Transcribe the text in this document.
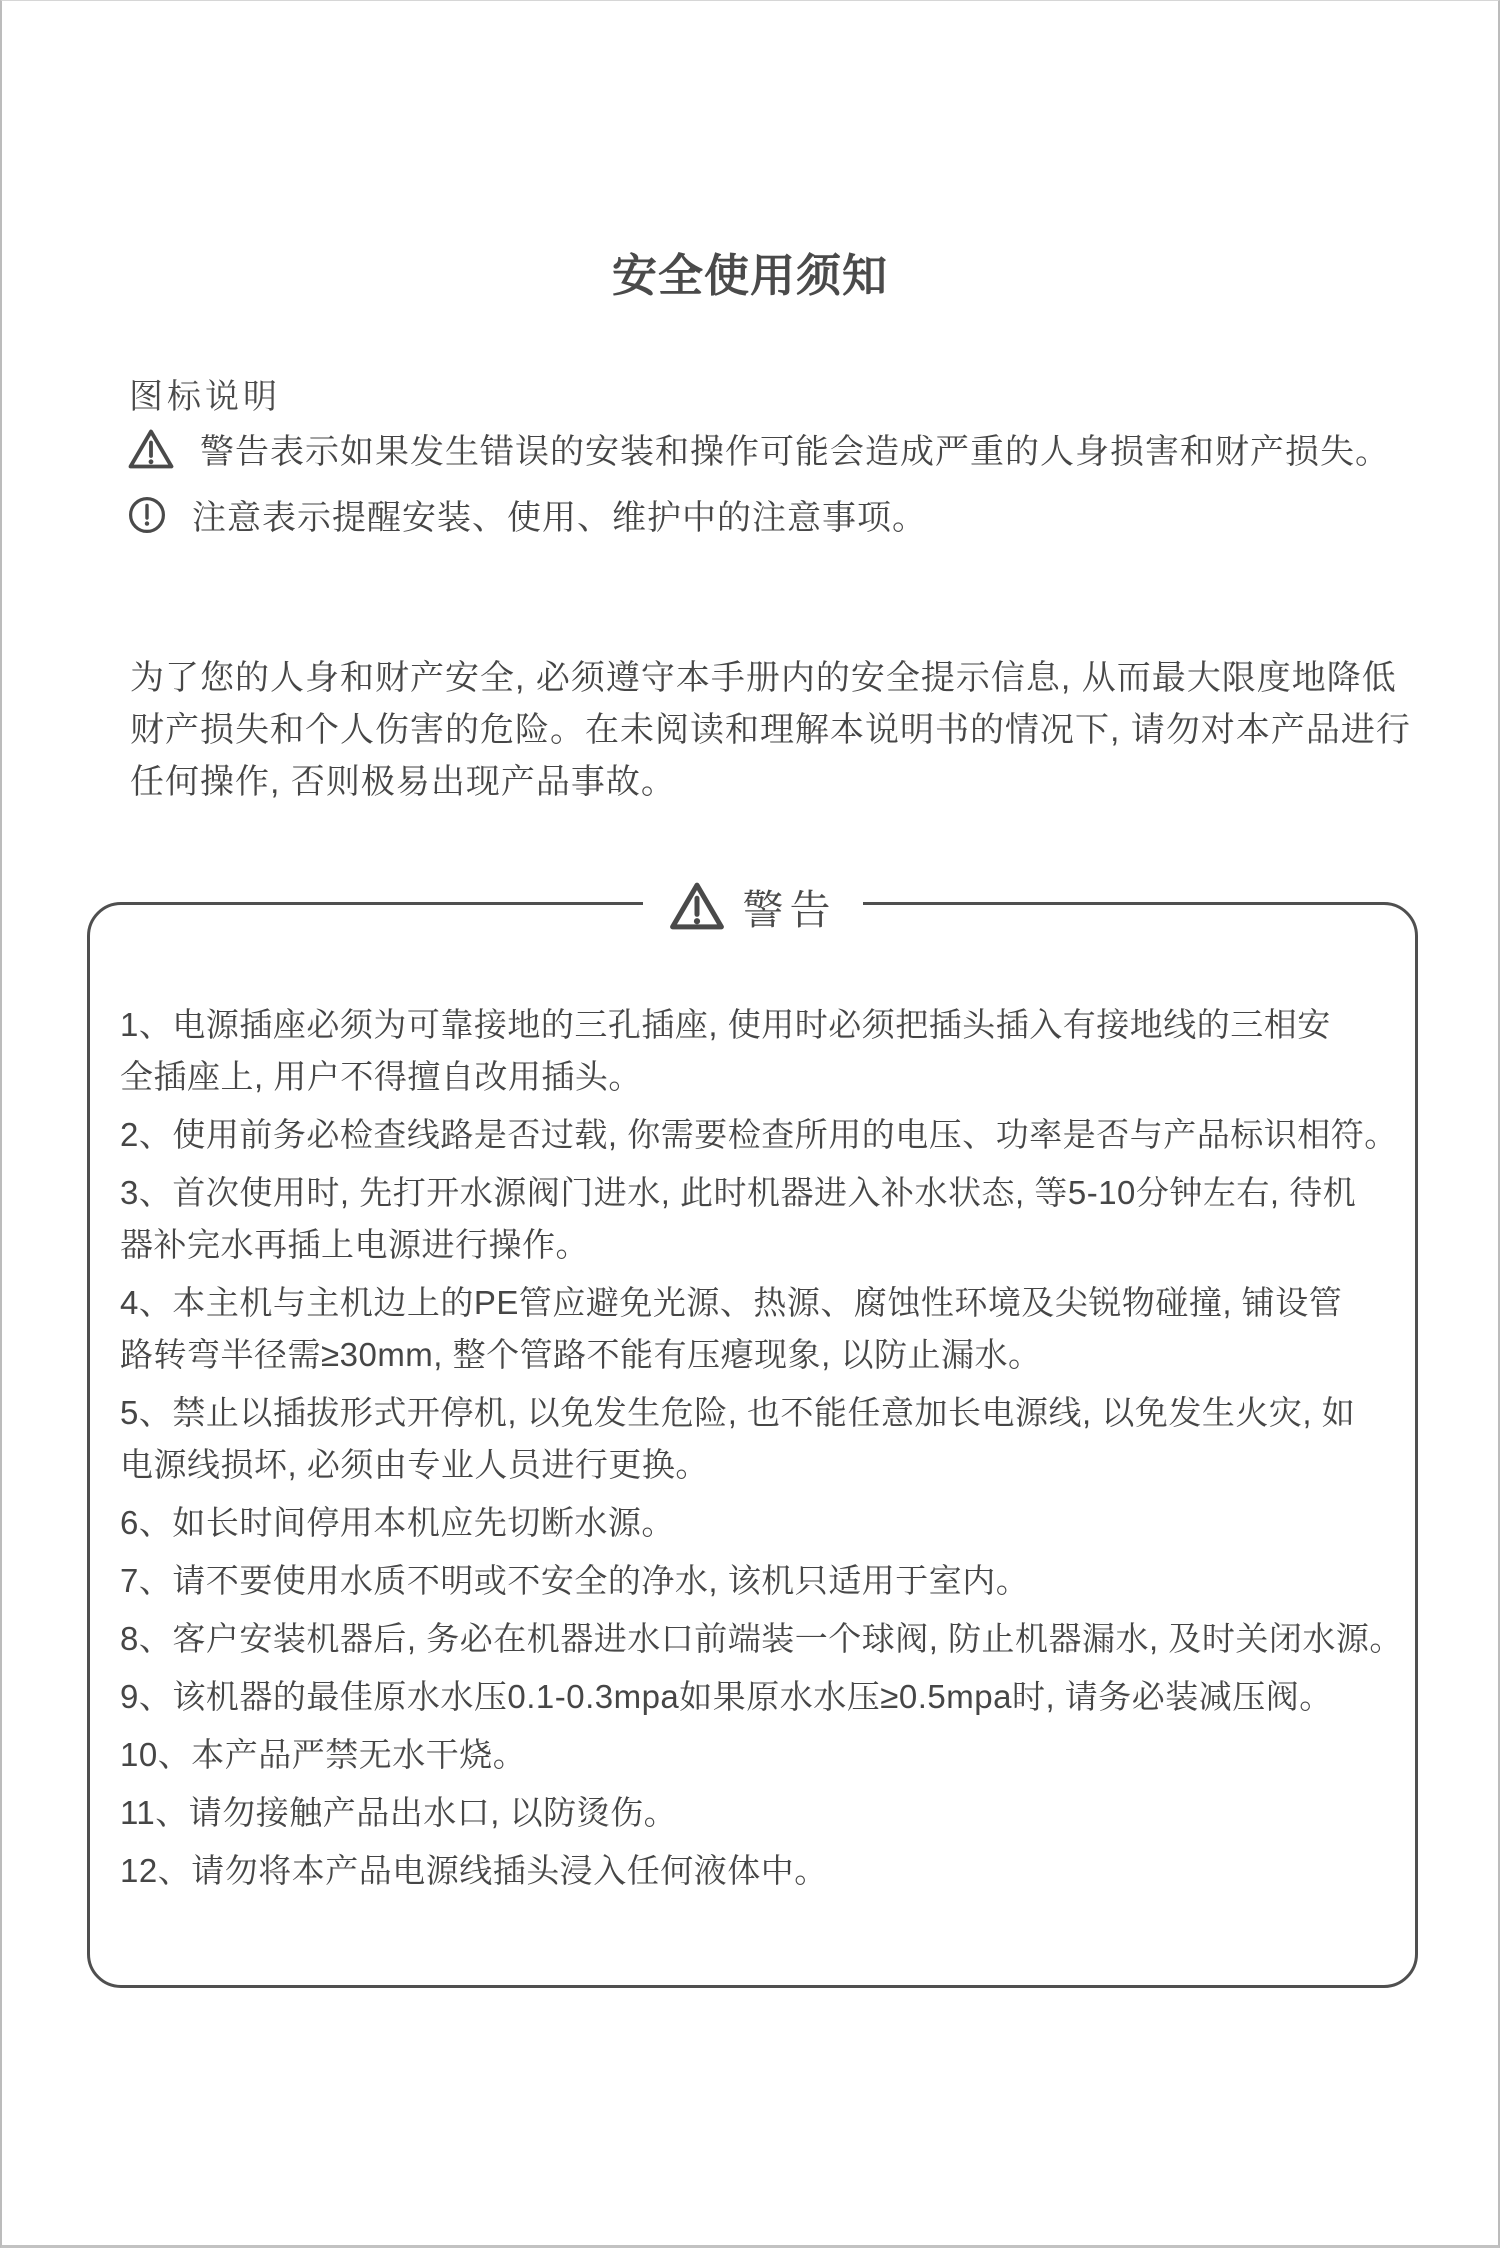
安全使用须知
图标说明
警告表示如果发生错误的安装和操作可能会造成严重的人身损害和财产损失。
注意表示提醒安装、使用、维护中的注意事项。
为了您的人身和财产安全, 必须遵守本手册内的安全提示信息, 从而最大限度地降低
财产损失和个人伤害的危险。在未阅读和理解本说明书的情况下, 请勿对本产品进行
任何操作, 否则极易出现产品事故。
警告
1、电源插座必须为可靠接地的三孔插座, 使用时必须把插头插入有接地线的三相安
全插座上, 用户不得擅自改用插头。
2、使用前务必检查线路是否过载, 你需要检查所用的电压、功率是否与产品标识相符。
3、首次使用时, 先打开水源阀门进水, 此时机器进入补水状态, 等5-10分钟左右, 待机
器补完水再插上电源进行操作。
4、本主机与主机边上的PE管应避免光源、热源、腐蚀性环境及尖锐物碰撞, 铺设管
路转弯半径需≥30mm, 整个管路不能有压瘪现象, 以防止漏水。
5、禁止以插拔形式开停机, 以免发生危险, 也不能任意加长电源线, 以免发生火灾, 如
电源线损坏, 必须由专业人员进行更换。
6、如长时间停用本机应先切断水源。
7、请不要使用水质不明或不安全的净水, 该机只适用于室内。
8、客户安装机器后, 务必在机器进水口前端装一个球阀, 防止机器漏水, 及时关闭水源。
9、该机器的最佳原水水压0.1-0.3mpa如果原水水压≥0.5mpa时, 请务必装减压阀。
10、本产品严禁无水干烧。
11、请勿接触产品出水口, 以防烫伤。
12、请勿将本产品电源线插头浸入任何液体中。
